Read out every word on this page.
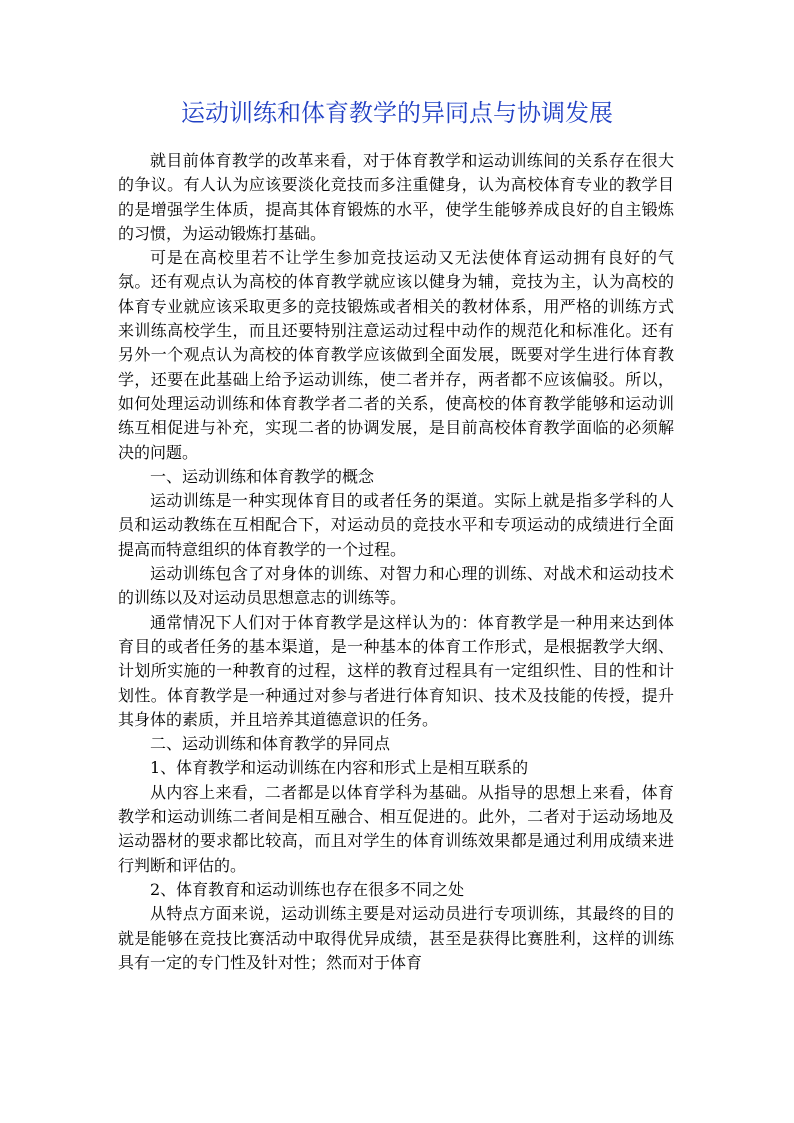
运动训练和体育教学的异同点与协调发展

就目前体育教学的改革来看，对于体育教学和运动训练间的关系存在很大的争议。有人认为应该要淡化竞技而多注重健身，认为高校体育专业的教学目的是增强学生体质，提高其体育锻炼的水平，使学生能够养成良好的自主锻炼的习惯，为运动锻炼打基础。

可是在高校里若不让学生参加竞技运动又无法使体育运动拥有良好的气氛。还有观点认为高校的体育教学就应该以健身为辅，竞技为主，认为高校的体育专业就应该采取更多的竞技锻炼或者相关的教材体系，用严格的训练方式来训练高校学生，而且还要特别注意运动过程中动作的规范化和标准化。还有另外一个观点认为高校的体育教学应该做到全面发展，既要对学生进行体育教学，还要在此基础上给予运动训练，使二者并存，两者都不应该偏驳。所以，如何处理运动训练和体育教学者二者的关系，使高校的体育教学能够和运动训练互相促进与补充，实现二者的协调发展，是目前高校体育教学面临的必须解决的问题。

一、运动训练和体育教学的概念

运动训练是一种实现体育目的或者任务的渠道。实际上就是指多学科的人员和运动教练在互相配合下，对运动员的竞技水平和专项运动的成绩进行全面提高而特意组织的体育教学的一个过程。

运动训练包含了对身体的训练、对智力和心理的训练、对战术和运动技术的训练以及对运动员思想意志的训练等。

通常情况下人们对于体育教学是这样认为的：体育教学是一种用来达到体育目的或者任务的基本渠道，是一种基本的体育工作形式，是根据教学大纲、计划所实施的一种教育的过程，这样的教育过程具有一定组织性、目的性和计划性。体育教学是一种通过对参与者进行体育知识、技术及技能的传授，提升其身体的素质，并且培养其道德意识的任务。

二、运动训练和体育教学的异同点

1、体育教学和运动训练在内容和形式上是相互联系的

从内容上来看，二者都是以体育学科为基础。从指导的思想上来看，体育教学和运动训练二者间是相互融合、相互促进的。此外，二者对于运动场地及运动器材的要求都比较高，而且对学生的体育训练效果都是通过利用成绩来进行判断和评估的。

2、体育教育和运动训练也存在很多不同之处

从特点方面来说，运动训练主要是对运动员进行专项训练，其最终的目的就是能够在竞技比赛活动中取得优异成绩，甚至是获得比赛胜利，这样的训练具有一定的专门性及针对性；然而对于体育
